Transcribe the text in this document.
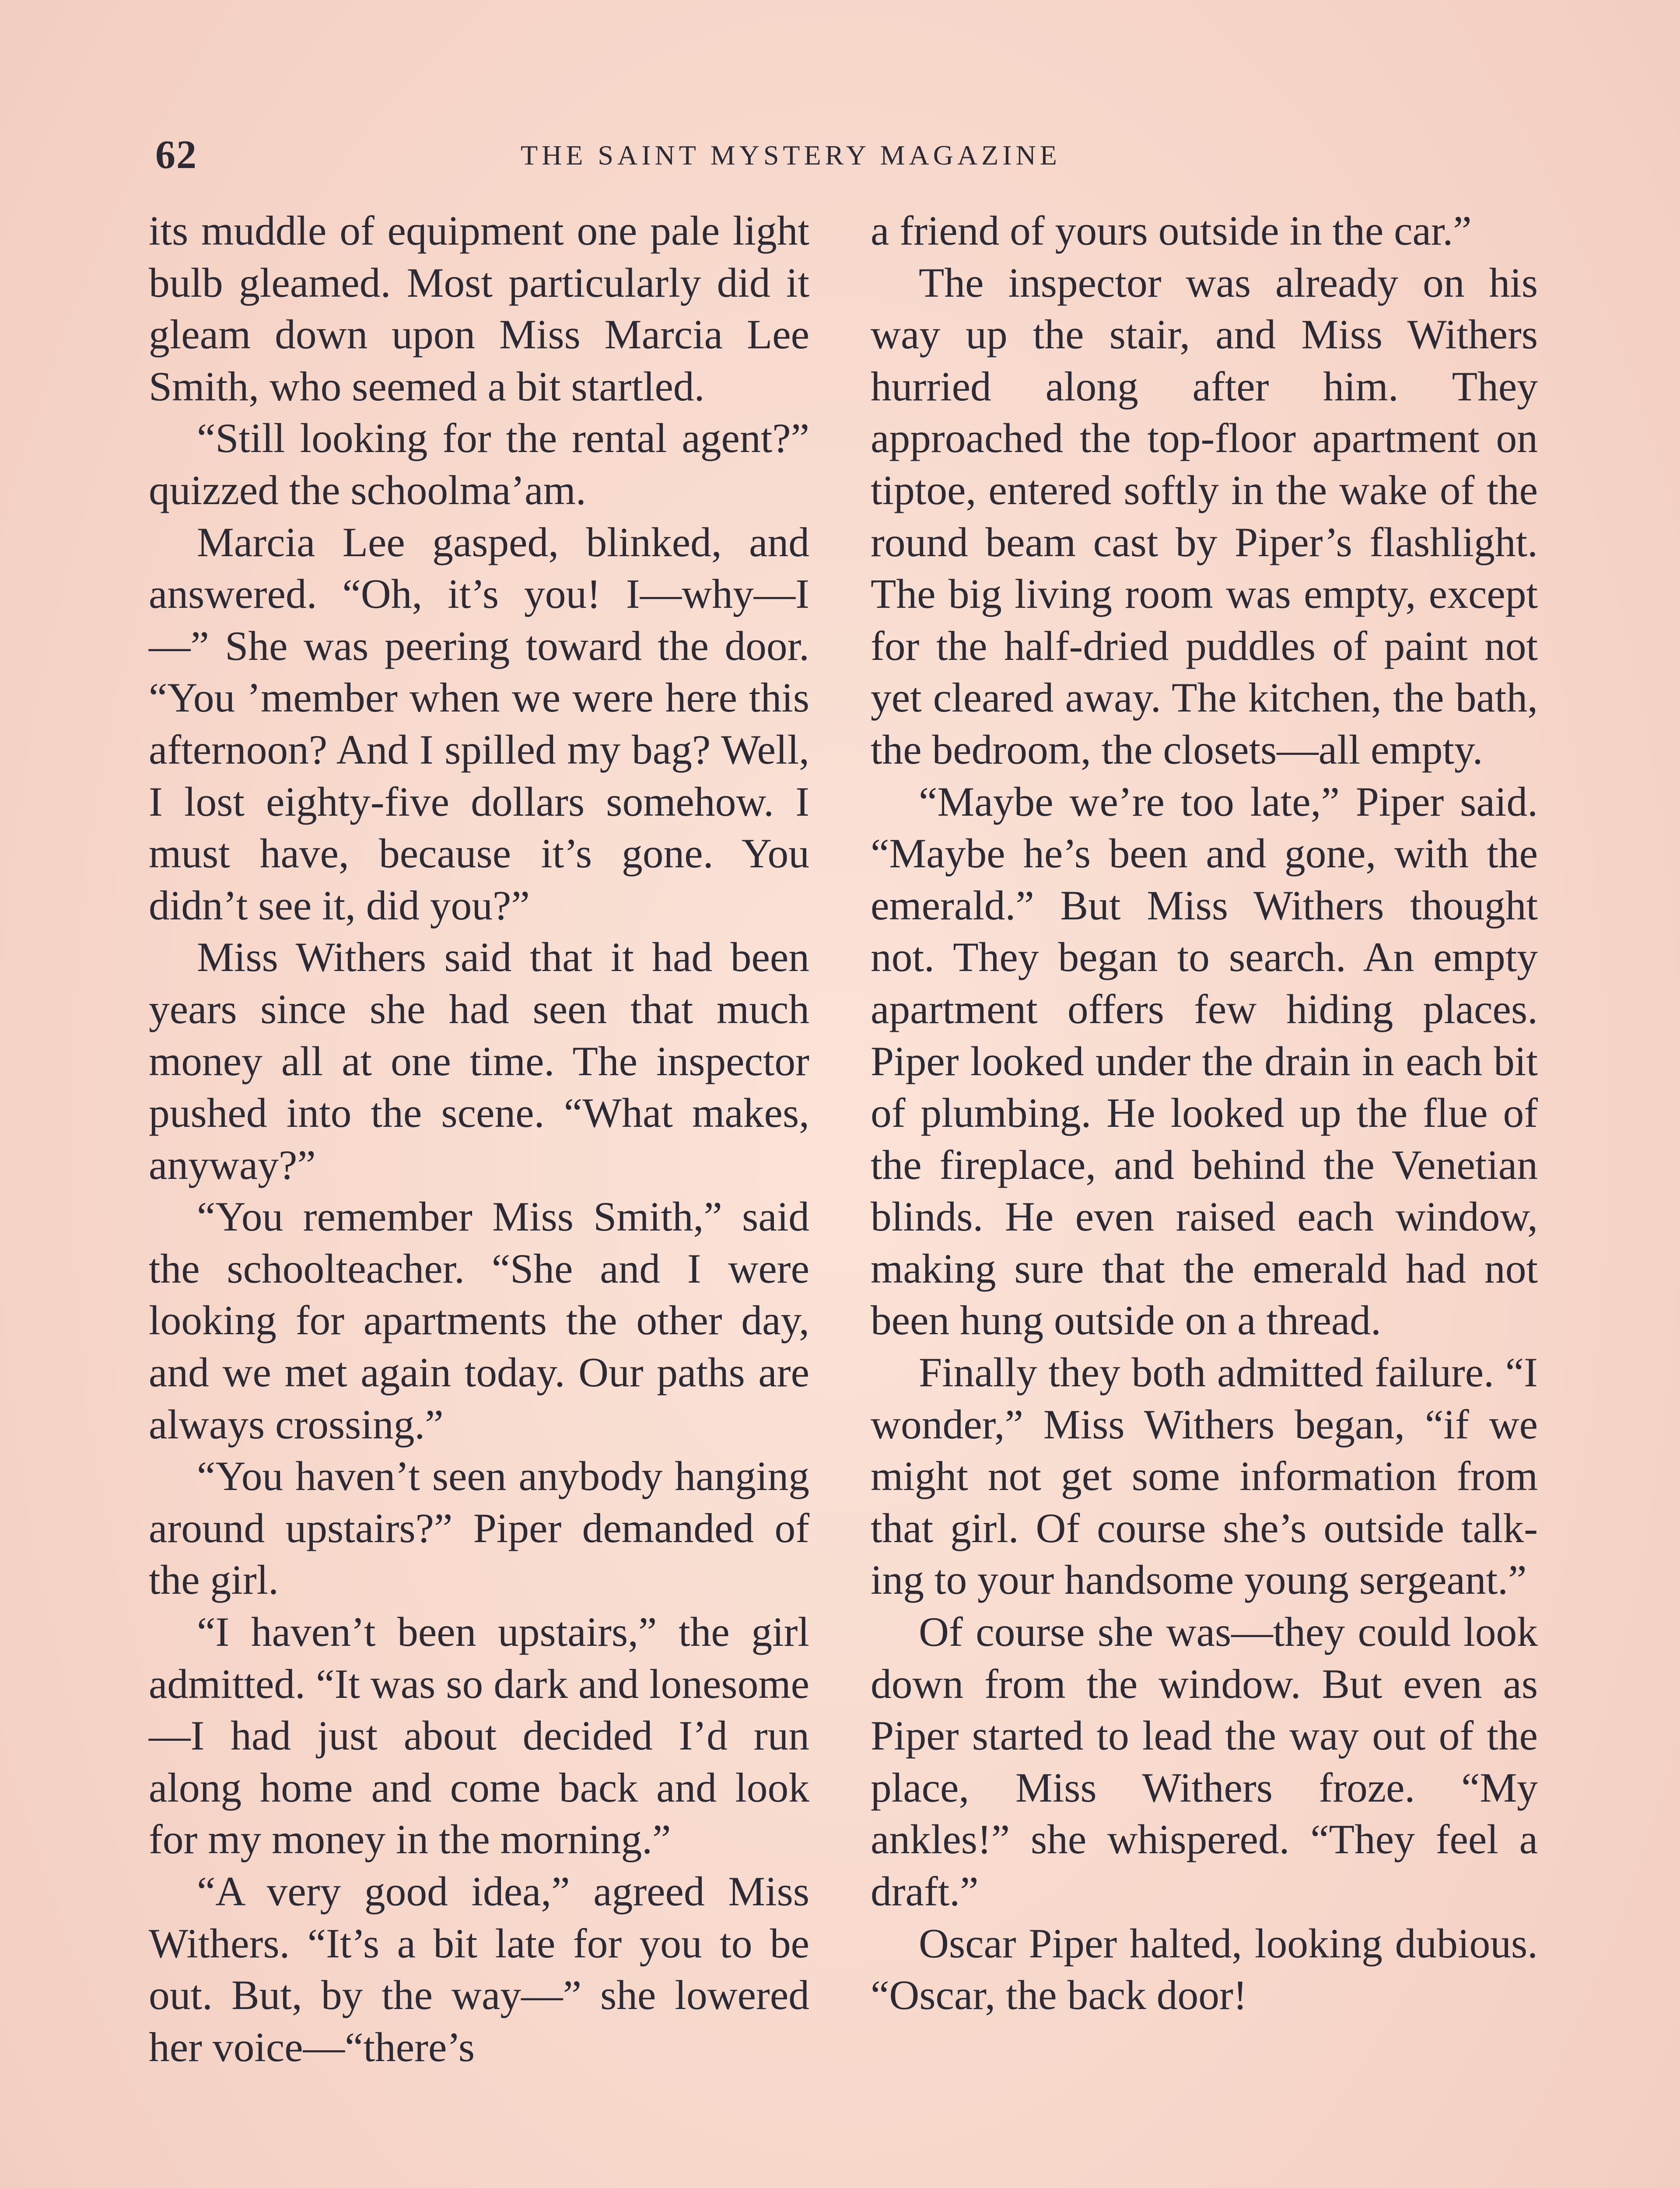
62	THE SAINT MYSTERY MAGAZINE

its muddle of equipment one pale light bulb gleamed. Most particularly did it gleam down upon Miss Marcia Lee Smith, who seemed a bit startled.

“Still looking for the rental agent?” quizzed the schoolma’am.

Marcia Lee gasped, blinked, and answered. “Oh, it’s you! I—why—I—” She was peering toward the door. “You ’member when we were here this afternoon? And I spilled my bag? Well, I lost eighty-five dollars somehow. I must have, because it’s gone. You didn’t see it, did you?”

Miss Withers said that it had been years since she had seen that much money all at one time. The inspector pushed into the scene. “What makes, anyway?”

“You remember Miss Smith,” said the schoolteacher. “She and I were looking for apartments the other day, and we met again today. Our paths are always crossing.”

“You haven’t seen anybody hanging around upstairs?” Piper demanded of the girl.

“I haven’t been upstairs,” the girl admitted. “It was so dark and lonesome—I had just about decided I’d run along home and come back and look for my money in the morning.”

“A very good idea,” agreed Miss Withers. “It’s a bit late for you to be out. But, by the way—” she lowered her voice—“there’s

a friend of yours outside in the car.”

The inspector was already on his way up the stair, and Miss Withers hurried along after him. They approached the top-floor apartment on tiptoe, entered softly in the wake of the round beam cast by Piper’s flashlight. The big living room was empty, except for the half-dried puddles of paint not yet cleared away. The kitchen, the bath, the bedroom, the closets—all empty.

“Maybe we’re too late,” Piper said. “Maybe he’s been and gone, with the emerald.” But Miss Withers thought not. They began to search. An empty apartment offers few hiding places. Piper looked under the drain in each bit of plumbing. He looked up the flue of the fireplace, and behind the Venetian blinds. He even raised each window, making sure that the emerald had not been hung outside on a thread.

Finally they both admitted failure. “I wonder,” Miss Withers began, “if we might not get some information from that girl. Of course she’s outside talking to your handsome young sergeant.”

Of course she was—they could look down from the window. But even as Piper started to lead the way out of the place, Miss Withers froze. “My ankles!” she whispered. “They feel a draft.”

Oscar Piper halted, looking dubious. “Oscar, the back door!
